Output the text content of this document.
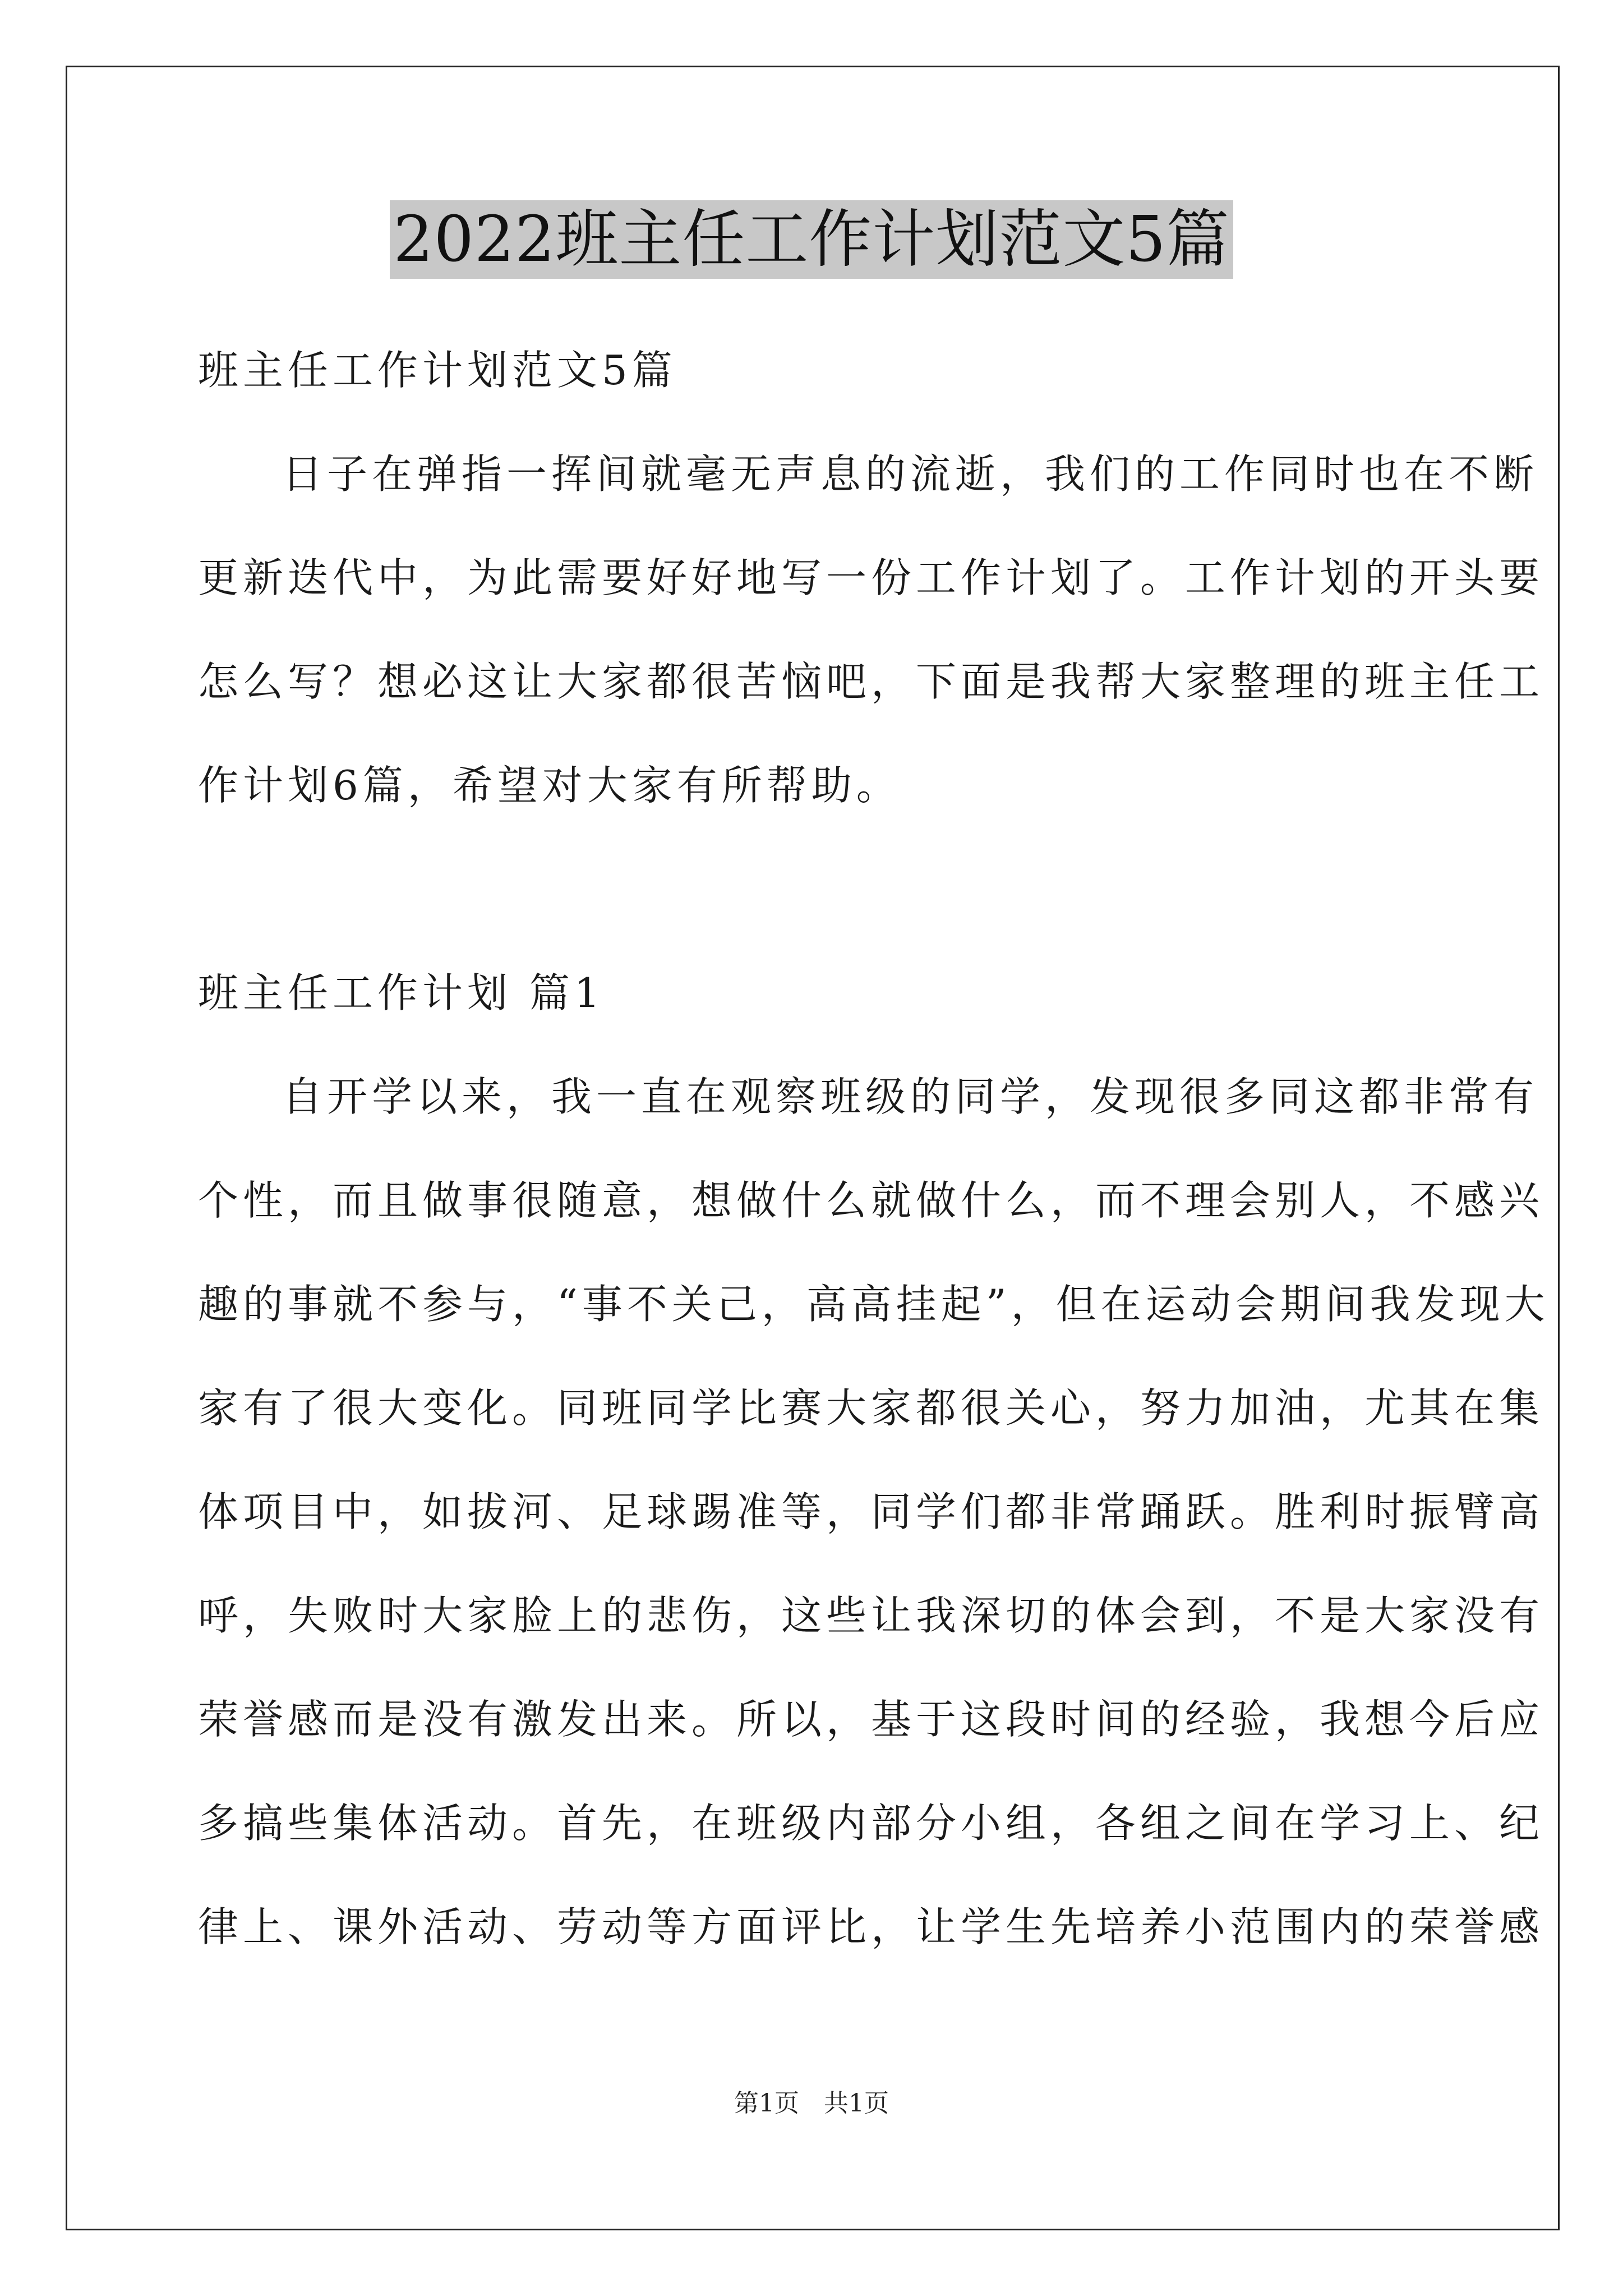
2022班主任工作计划范文5篇
班主任工作计划范文5篇
日子在弹指一挥间就毫无声息的流逝，我们的工作同时也在不断
更新迭代中，为此需要好好地写一份工作计划了。工作计划的开头要
怎么写？想必这让大家都很苦恼吧，下面是我帮大家整理的班主任工
作计划6篇，希望对大家有所帮助。
班主任工作计划 篇1
自开学以来，我一直在观察班级的同学，发现很多同这都非常有
个性，而且做事很随意，想做什么就做什么，而不理会别人，不感兴
趣的事就不参与，“事不关己，高高挂起”，但在运动会期间我发现大
家有了很大变化。同班同学比赛大家都很关心，努力加油，尤其在集
体项目中，如拔河、足球踢准等，同学们都非常踊跃。胜利时振臂高
呼，失败时大家脸上的悲伤，这些让我深切的体会到，不是大家没有
荣誉感而是没有激发出来。所以，基于这段时间的经验，我想今后应
多搞些集体活动。首先，在班级内部分小组，各组之间在学习上、纪
律上、课外活动、劳动等方面评比，让学生先培养小范围内的荣誉感
第1页　共1页
